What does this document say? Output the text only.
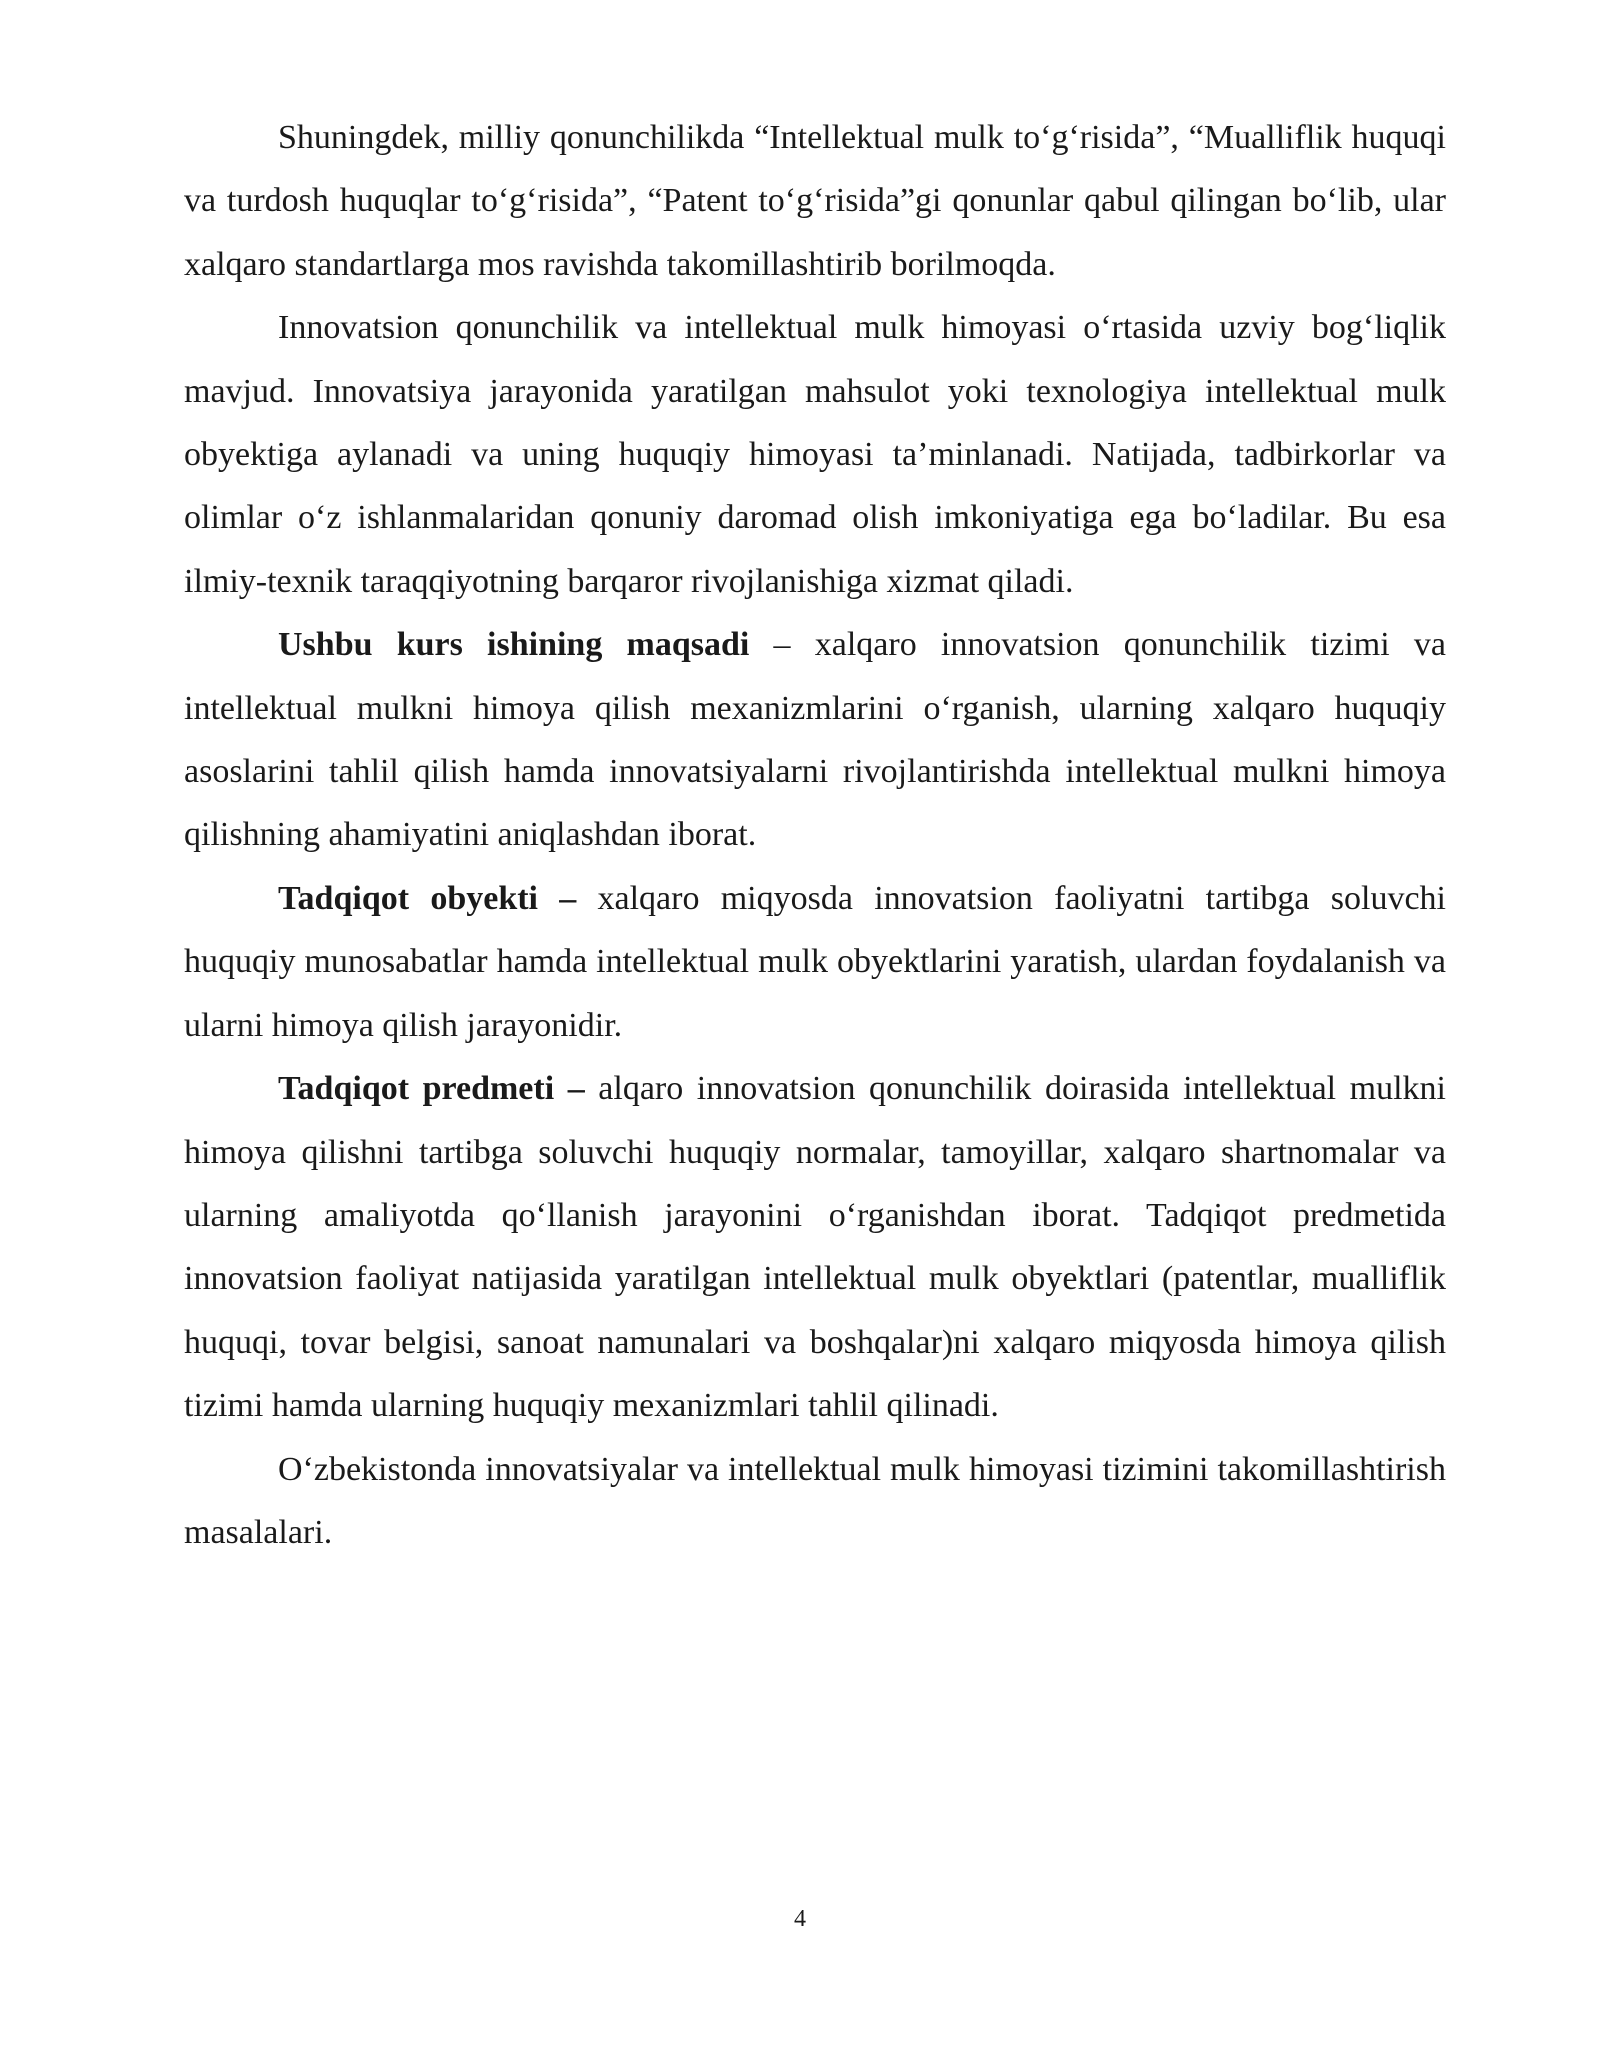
Shuningdek, milliy qonunchilikda “Intellektual mulk to‘g‘risida”, “Mualliflik huquqi va turdosh huquqlar to‘g‘risida”, “Patent to‘g‘risida”gi qonunlar qabul qilingan bo‘lib, ular xalqaro standartlarga mos ravishda takomillashtirib borilmoqda.

Innovatsion qonunchilik va intellektual mulk himoyasi o‘rtasida uzviy bog‘liqlik mavjud. Innovatsiya jarayonida yaratilgan mahsulot yoki texnologiya intellektual mulk obyektiga aylanadi va uning huquqiy himoyasi ta’minlanadi. Natijada, tadbirkorlar va olimlar o‘z ishlanmalaridan qonuniy daromad olish imkoniyatiga ega bo‘ladilar. Bu esa ilmiy-texnik taraqqiyotning barqaror rivojlanishiga xizmat qiladi.

Ushbu kurs ishining maqsadi – xalqaro innovatsion qonunchilik tizimi va intellektual mulkni himoya qilish mexanizmlarini o‘rganish, ularning xalqaro huquqiy asoslarini tahlil qilish hamda innovatsiyalarni rivojlantirishda intellektual mulkni himoya qilishning ahamiyatini aniqlashdan iborat.

Tadqiqot obyekti – xalqaro miqyosda innovatsion faoliyatni tartibga soluvchi huquqiy munosabatlar hamda intellektual mulk obyektlarini yaratish, ulardan foydalanish va ularni himoya qilish jarayonidir.

Tadqiqot predmeti – alqaro innovatsion qonunchilik doirasida intellektual mulkni himoya qilishni tartibga soluvchi huquqiy normalar, tamoyillar, xalqaro shartnomalar va ularning amaliyotda qo‘llanish jarayonini o‘rganishdan iborat. Tadqiqot predmetida innovatsion faoliyat natijasida yaratilgan intellektual mulk obyektlari (patentlar, mualliflik huquqi, tovar belgisi, sanoat namunalari va boshqalar)ni xalqaro miqyosda himoya qilish tizimi hamda ularning huquqiy mexanizmlari tahlil qilinadi.

O‘zbekistonda innovatsiyalar va intellektual mulk himoyasi tizimini takomillashtirish masalalari.

4
